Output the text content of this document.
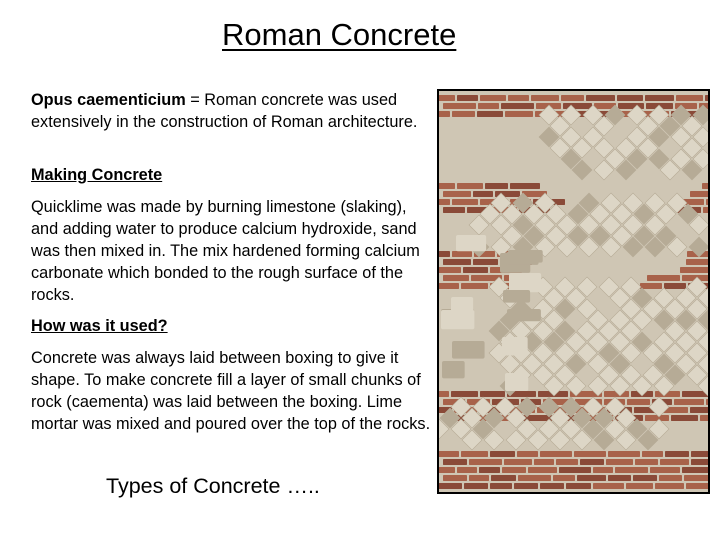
Roman Concrete
Opus caementicium = Roman concrete was used extensively in the construction of Roman architecture.
Making Concrete
Quicklime was made by burning limestone (slaking), and adding water to produce calcium hydroxide, sand was then mixed in. The mix hardened forming calcium carbonate which bonded to the rough surface of the rocks.
How was it used?
Concrete was always laid between boxing to give it shape. To make concrete fill a layer of small chunks of rock (caementa) was laid between the boxing. Lime mortar was mixed and poured over the top of the rocks.
Types of Concrete …..
